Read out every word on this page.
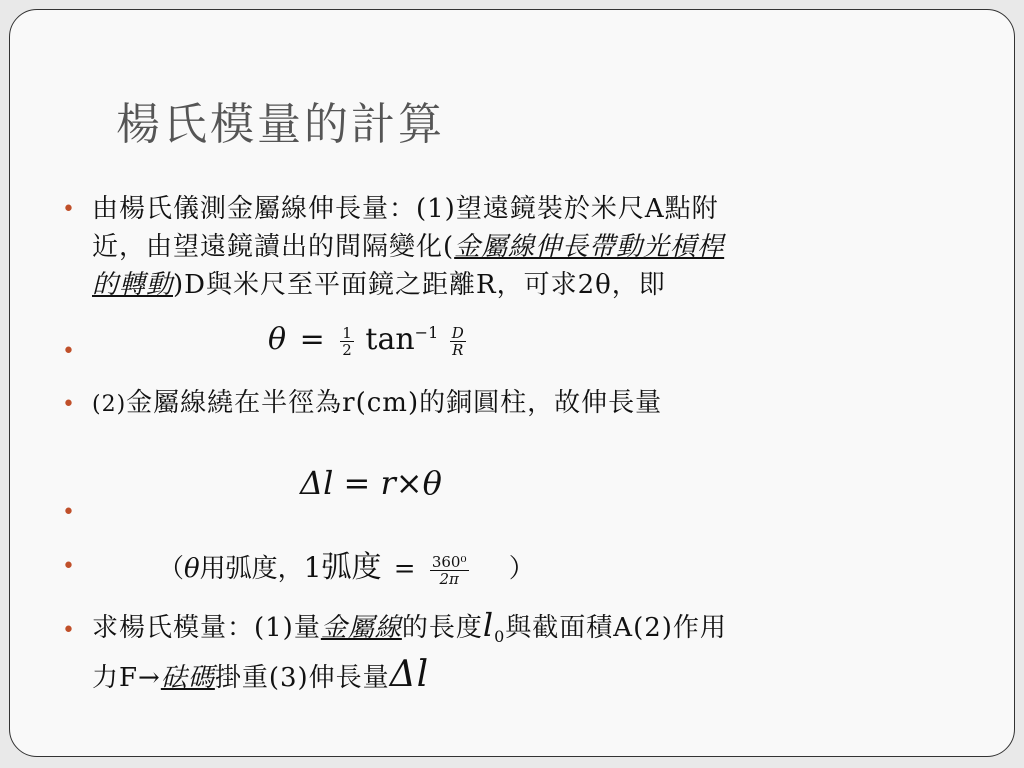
楊氏模量的計算
•
由楊氏儀測金屬線伸長量：(1)望遠鏡裝於米尺A點附
近，由望遠鏡讀出的間隔變化(金屬線伸長帶動光槓桿
的轉動)D與米尺至平面鏡之距離R，可求2θ，即
•
$\theta = \frac{1}{2} \tan^{-1} \frac{D}{R}$
•
(2)金屬線繞在半徑為r(cm)的銅圓柱，故伸長量
Δl = r×θ
•
•
（θ用弧度，1弧度 = $\frac{\text{360⁰}}{2\pi}$ ）
•
求楊氏模量：(1)量金屬線的長度$l_0$與截面積A(2)作用
力F→砝碼掛重(3)伸長量Δl
